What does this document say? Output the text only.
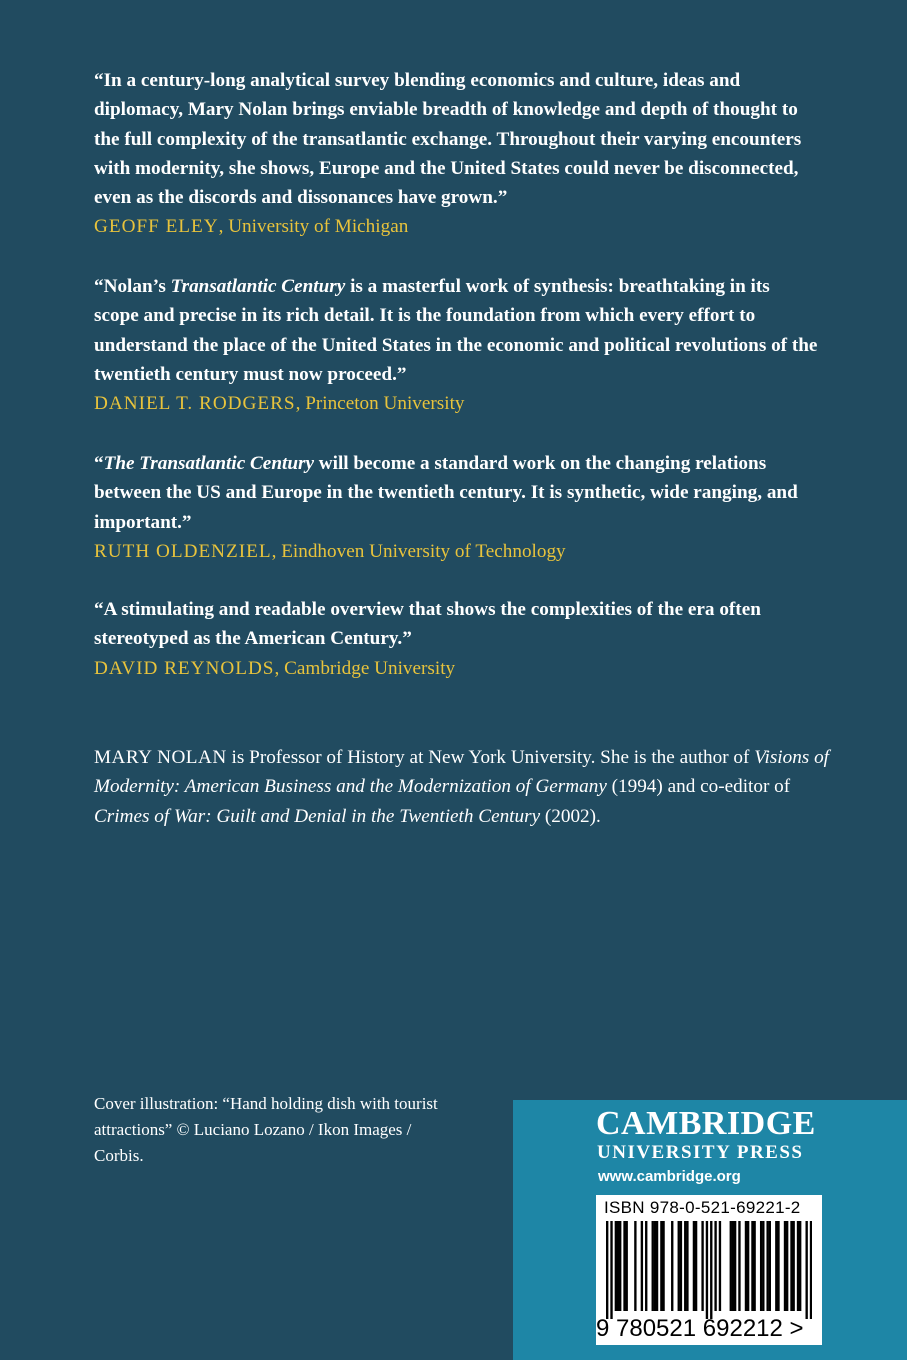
“In a century-long analytical survey blending economics and culture, ideas and diplomacy, Mary Nolan brings enviable breadth of knowledge and depth of thought to the full complexity of the transatlantic exchange. Throughout their varying encounters with modernity, she shows, Europe and the United States could never be disconnected, even as the discords and dissonances have grown.”
GEOFF ELEY, University of Michigan
“Nolan’s Transatlantic Century is a masterful work of synthesis: breathtaking in its scope and precise in its rich detail. It is the foundation from which every effort to understand the place of the United States in the economic and political revolutions of the twentieth century must now proceed.”
DANIEL T. RODGERS, Princeton University
“The Transatlantic Century will become a standard work on the changing relations between the US and Europe in the twentieth century. It is synthetic, wide ranging, and important.”
RUTH OLDENZIEL, Eindhoven University of Technology
“A stimulating and readable overview that shows the complexities of the era often stereotyped as the American Century.”
DAVID REYNOLDS, Cambridge University
MARY NOLAN is Professor of History at New York University. She is the author of Visions of Modernity: American Business and the Modernization of Germany (1994) and co-editor of Crimes of War: Guilt and Denial in the Twentieth Century (2002).
Cover illustration: “Hand holding dish with tourist attractions” © Luciano Lozano / Ikon Images / Corbis.
CAMBRIDGE
UNIVERSITY PRESS
www.cambridge.org
ISBN 978-0-521-69221-2
9 780521 692212 >
